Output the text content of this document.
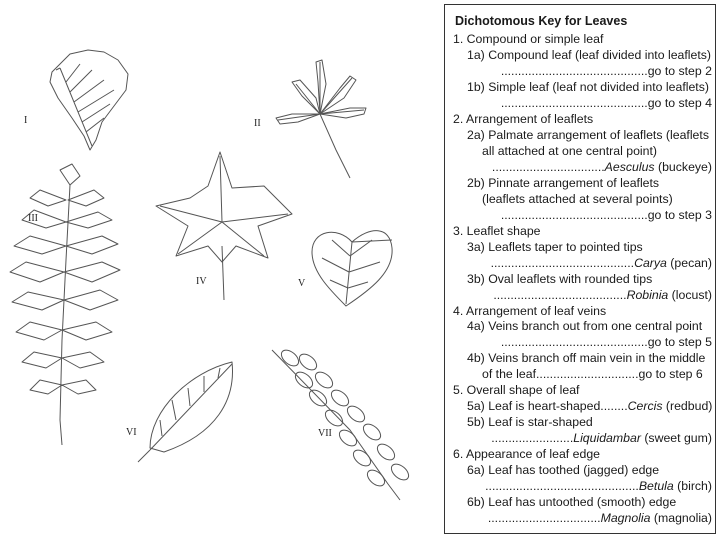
I	II
III
IV	V
VI	VII
Dichotomous Key for Leaves
1. Compound or simple leaf
1a) Compound leaf (leaf divided into leaflets)
...........................................go to step 2
1b) Simple leaf (leaf not divided into leaflets)
...........................................go to step 4
2. Arrangement of leaflets
2a) Palmate arrangement of leaflets (leaflets
all attached at one central point)
.................................Aesculus (buckeye)
2b) Pinnate arrangement of leaflets
(leaflets attached at several points)
...........................................go to step 3
3. Leaflet shape
3a) Leaflets taper to pointed tips
..........................................Carya (pecan)
3b) Oval leaflets with rounded tips
.......................................Robinia (locust)
4. Arrangement of leaf veins
4a) Veins branch out from one central point
...........................................go to step 5
4b) Veins branch off main vein in the middle
of the leaf..............................go to step 6
5. Overall shape of leaf
5a) Leaf is heart-shaped........Cercis (redbud)
5b) Leaf is star-shaped
........................Liquidambar (sweet gum)
6. Appearance of leaf edge
6a) Leaf has toothed (jagged) edge
.............................................Betula (birch)
6b) Leaf has untoothed (smooth) edge
.................................Magnolia (magnolia)
